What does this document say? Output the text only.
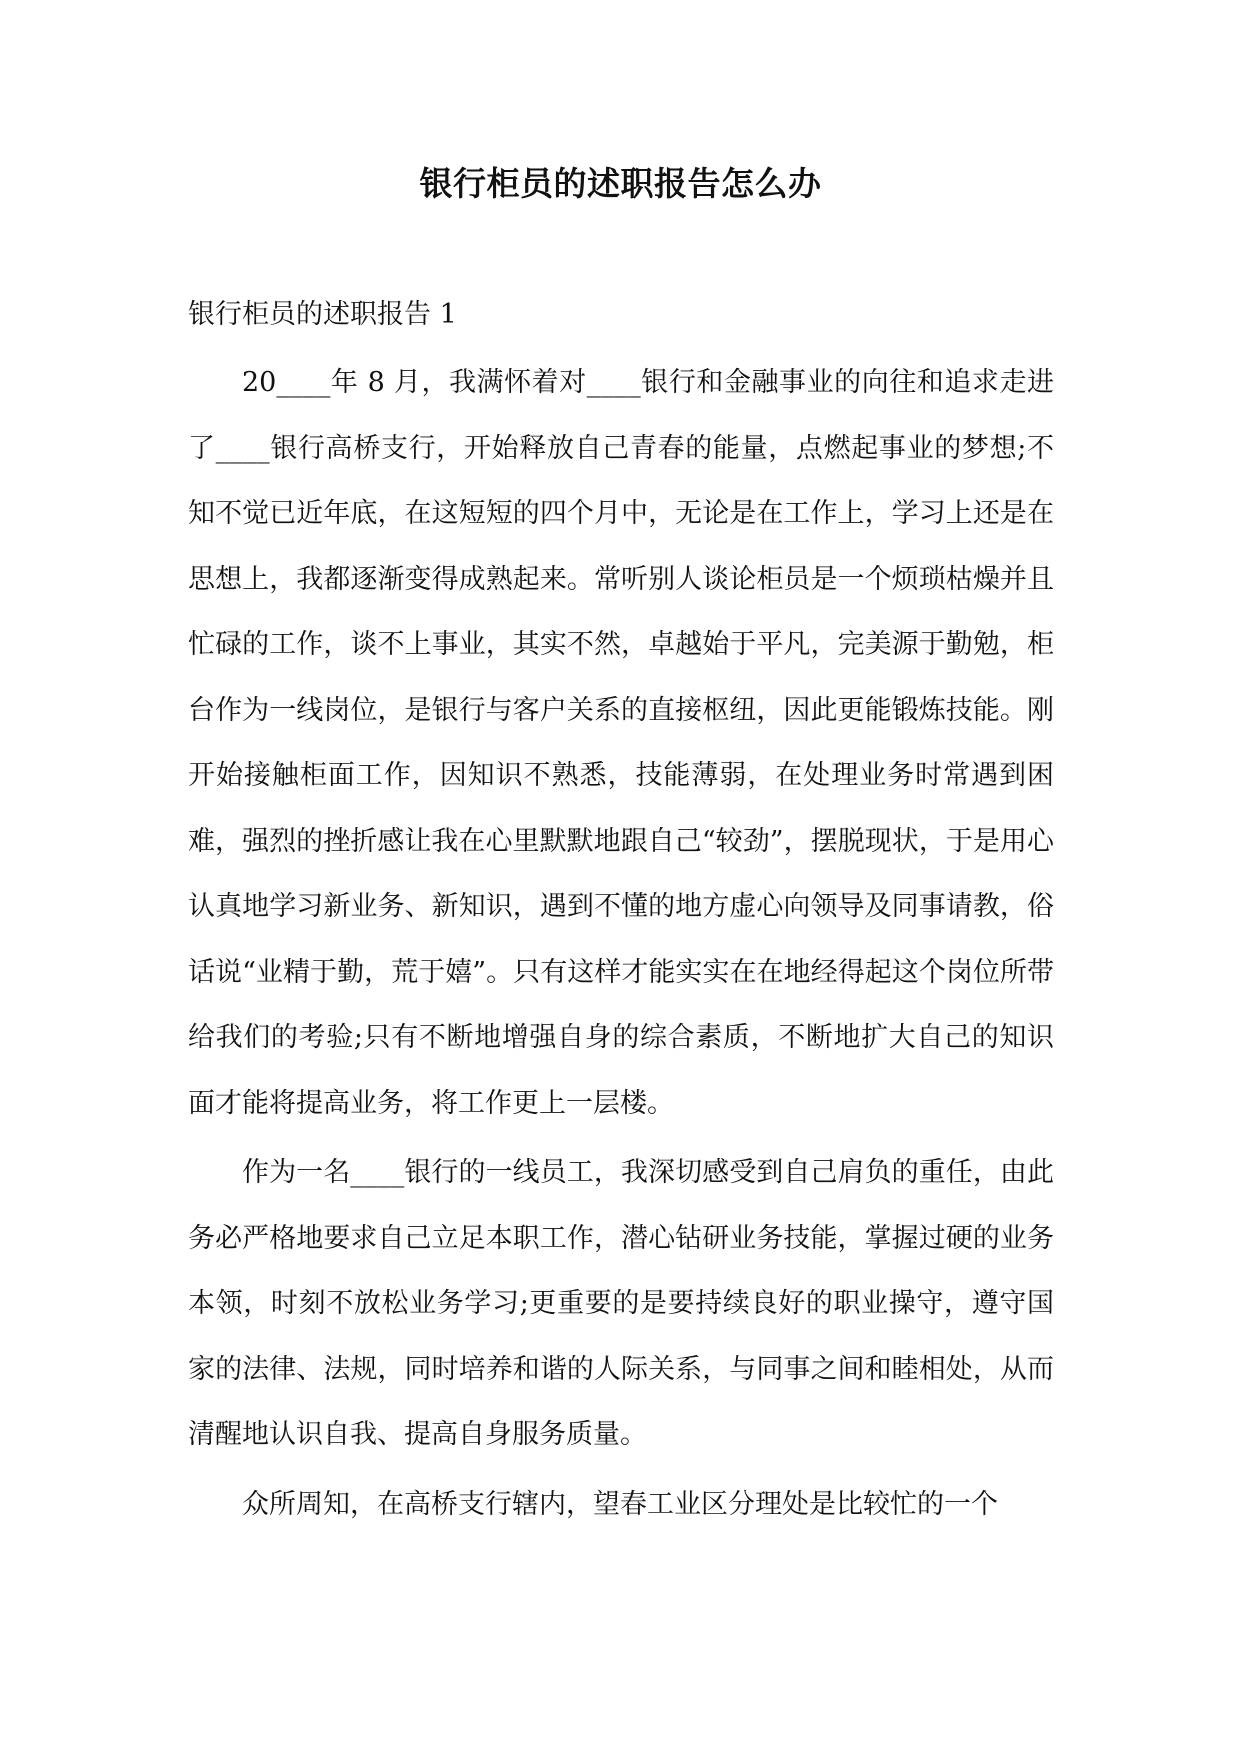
银行柜员的述职报告怎么办

银行柜员的述职报告 1

20____年 8 月，我满怀着对____银行和金融事业的向往和追求走进了____银行高桥支行，开始释放自己青春的能量，点燃起事业的梦想;不知不觉已近年底，在这短短的四个月中，无论是在工作上，学习上还是在思想上，我都逐渐变得成熟起来。常听别人谈论柜员是一个烦琐枯燥并且忙碌的工作，谈不上事业，其实不然，卓越始于平凡，完美源于勤勉，柜台作为一线岗位，是银行与客户关系的直接枢纽，因此更能锻炼技能。刚开始接触柜面工作，因知识不熟悉，技能薄弱，在处理业务时常遇到困难，强烈的挫折感让我在心里默默地跟自己“较劲”，摆脱现状，于是用心认真地学习新业务、新知识，遇到不懂的地方虚心向领导及同事请教，俗话说“业精于勤，荒于嬉”。只有这样才能实实在在地经得起这个岗位所带给我们的考验;只有不断地增强自身的综合素质，不断地扩大自己的知识面才能将提高业务，将工作更上一层楼。

作为一名____银行的一线员工，我深切感受到自己肩负的重任，由此务必严格地要求自己立足本职工作，潜心钻研业务技能，掌握过硬的业务本领，时刻不放松业务学习;更重要的是要持续良好的职业操守，遵守国家的法律、法规，同时培养和谐的人际关系，与同事之间和睦相处，从而清醒地认识自我、提高自身服务质量。

众所周知，在高桥支行辖内，望春工业区分理处是比较忙的一个
